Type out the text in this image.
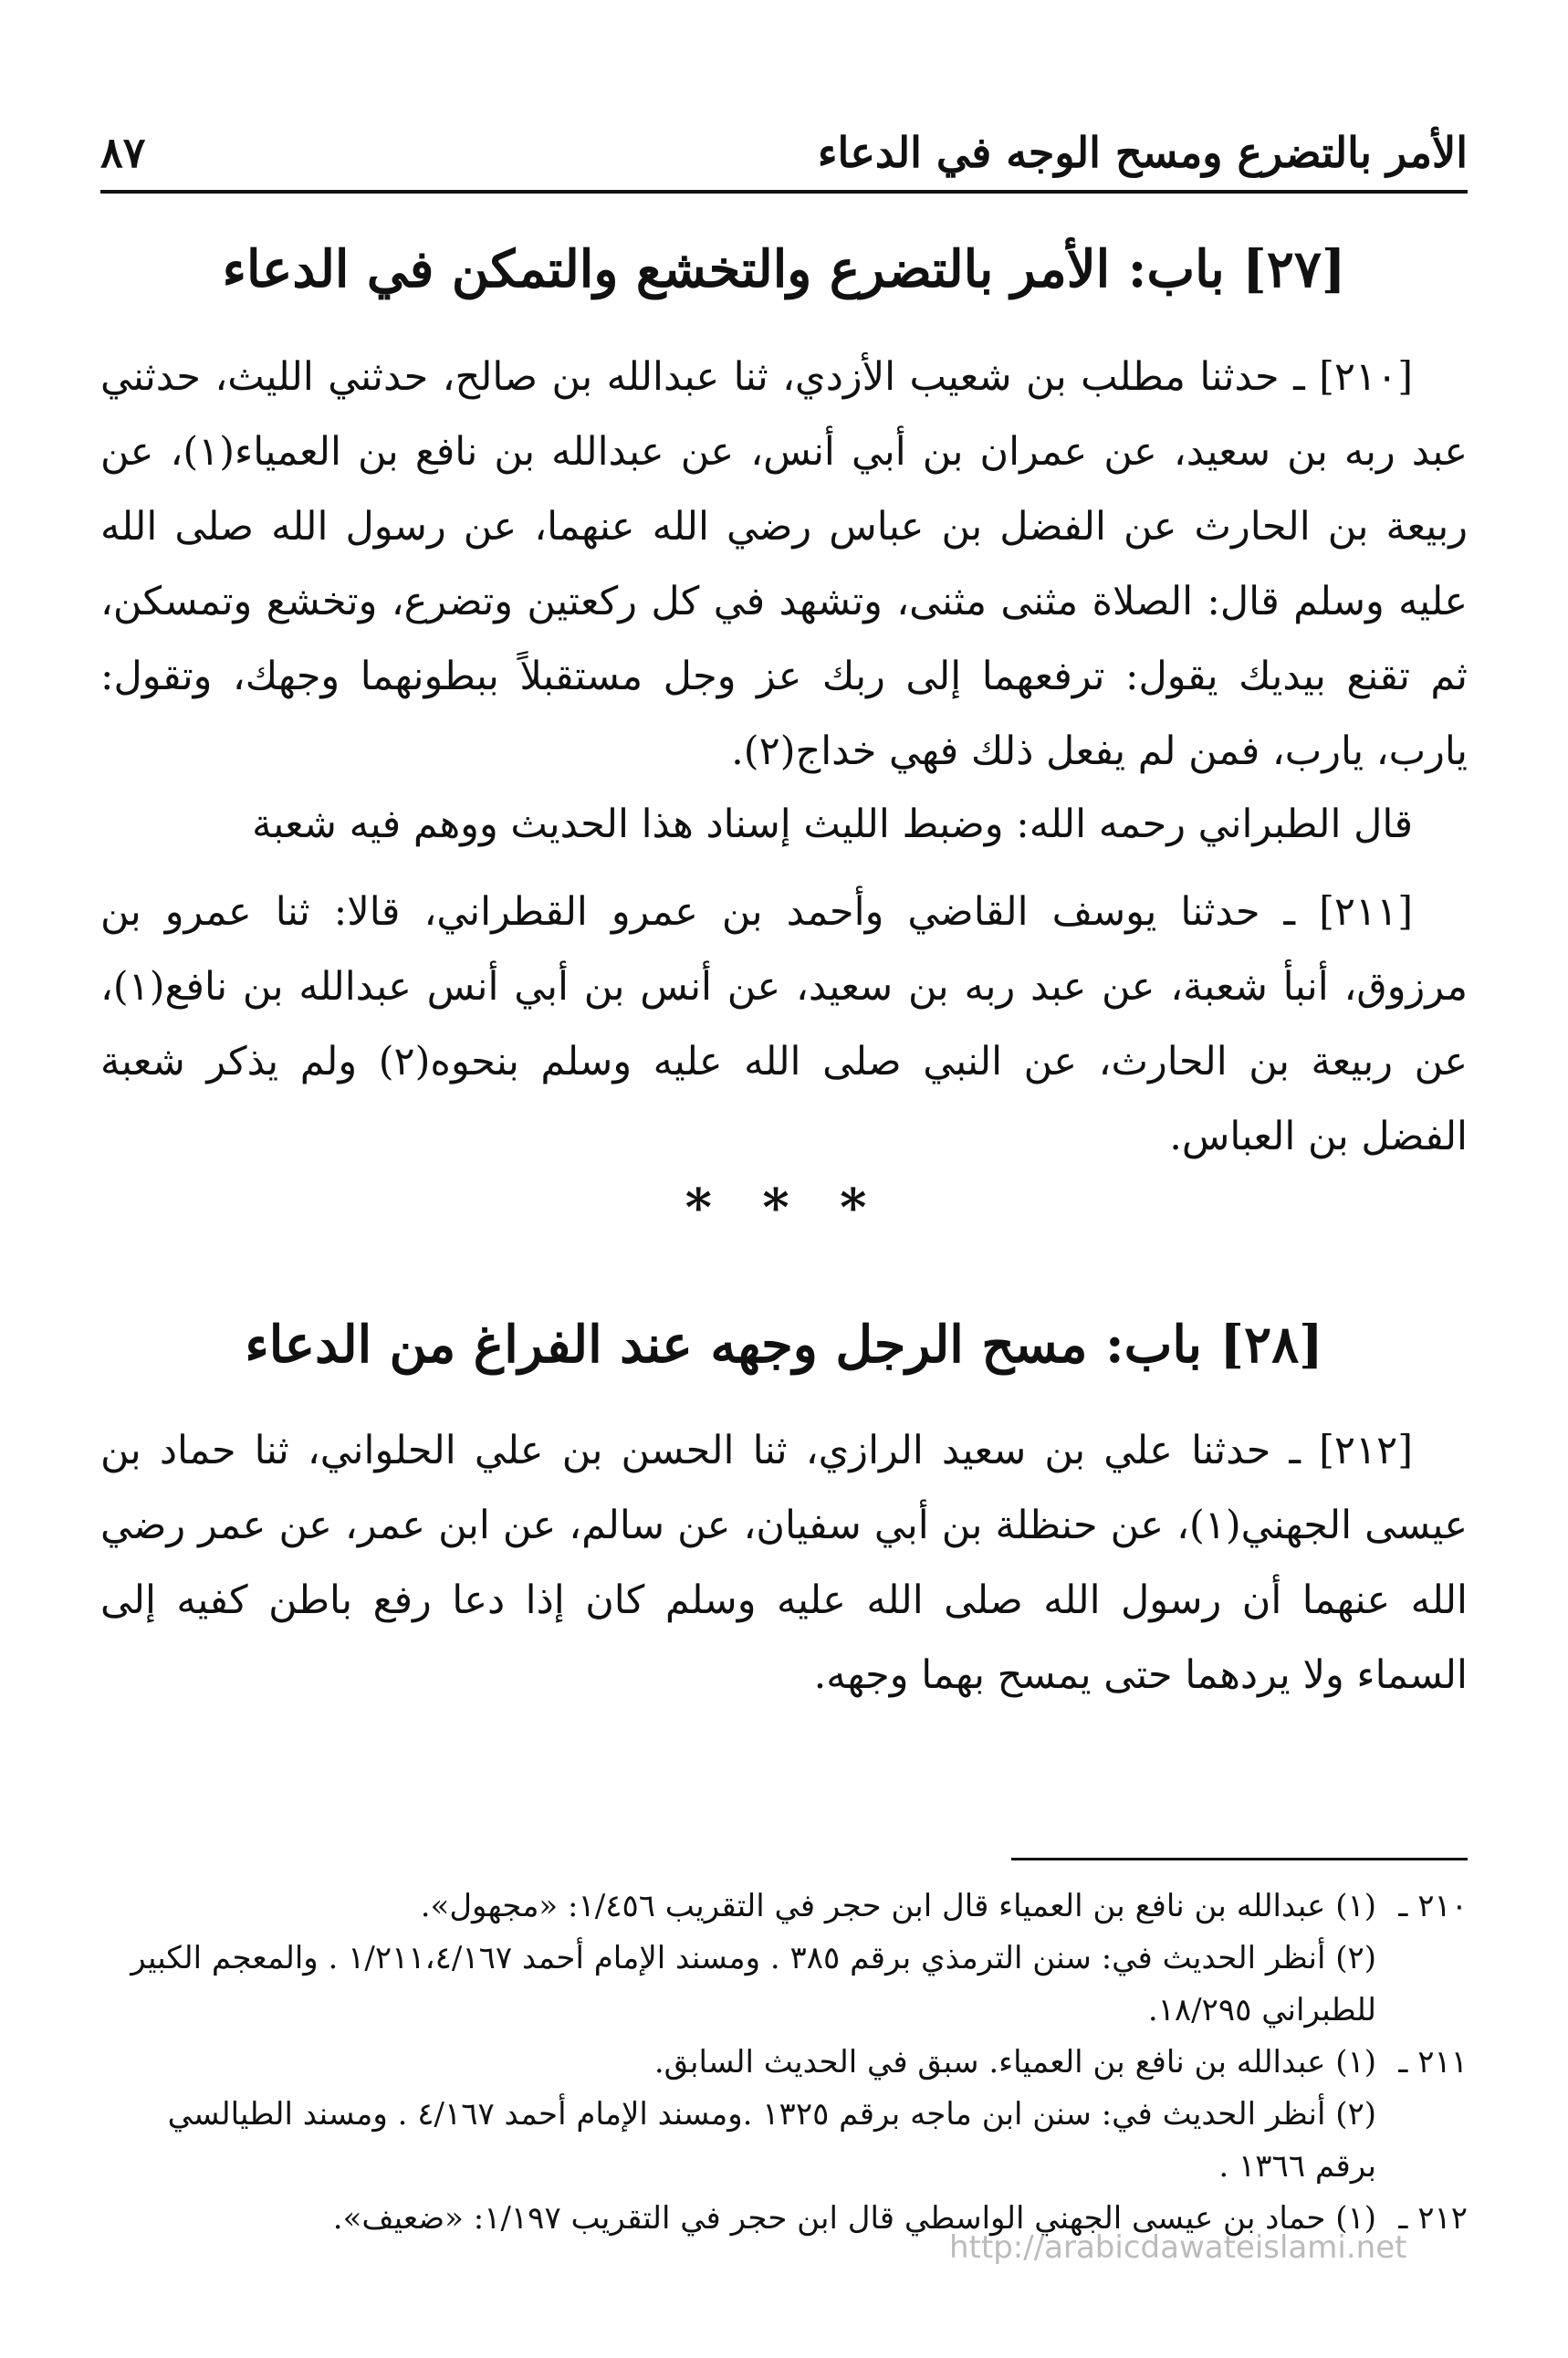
الأمر بالتضرع ومسح الوجه في الدعاء
٨٧
[٢٧] باب: الأمر بالتضرع والتخشع والتمكن في الدعاء

[٢١٠] ـ حدثنا مطلب بن شعيب الأزدي، ثنا عبدالله بن صالح، حدثني الليث، حدثني عبد ربه بن سعيد، عن عمران بن أبي أنس، عن عبدالله بن نافع بن العمياء(١)، عن ربيعة بن الحارث عن الفضل بن عباس رضي الله عنهما، عن رسول الله صلى الله عليه وسلم قال: الصلاة مثنى مثنى، وتشهد في كل ركعتين وتضرع، وتخشع وتمسكن، ثم تقنع بيديك يقول: ترفعهما إلى ربك عز وجل مستقبلاً ببطونهما وجهك، وتقول: يارب، يارب، فمن لم يفعل ذلك فهي خداج(٢).

قال الطبراني رحمه الله: وضبط الليث إسناد هذا الحديث ووهم فيه شعبة

[٢١١] ـ حدثنا يوسف القاضي وأحمد بن عمرو القطراني، قالا: ثنا عمرو بن مرزوق، أنبأ شعبة، عن عبد ربه بن سعيد، عن أنس بن أبي أنس عبدالله بن نافع(١)، عن ربيعة بن الحارث، عن النبي صلى الله عليه وسلم بنحوه(٢) ولم يذكر شعبة الفضل بن العباس.

* * *
[٢٨] باب: مسح الرجل وجهه عند الفراغ من الدعاء

[٢١٢] ـ حدثنا علي بن سعيد الرازي، ثنا الحسن بن علي الحلواني، ثنا حماد بن عيسى الجهني(١)، عن حنظلة بن أبي سفيان، عن سالم، عن ابن عمر، عن عمر رضي الله عنهما أن رسول الله صلى الله عليه وسلم كان إذا دعا رفع باطن كفيه إلى السماء ولا يردهما حتى يمسح بهما وجهه.

٢١٠ ـ(١) عبدالله بن نافع بن العمياء قال ابن حجر في التقريب ١/٤٥٦: «مجهول».

(٢) أنظر الحديث في: سنن الترمذي برقم ٣٨٥ . ومسند الإمام أحمد ١/٢١١،٤/١٦٧ . والمعجم الكبير للطبراني ١٨/٢٩٥.

٢١١ ـ(١) عبدالله بن نافع بن العمياء. سبق في الحديث السابق.

(٢) أنظر الحديث في: سنن ابن ماجه برقم ١٣٢٥ .ومسند الإمام أحمد ٤/١٦٧ . ومسند الطيالسي برقم ١٣٦٦ .

٢١٢ ـ(١) حماد بن عيسى الجهني الواسطي قال ابن حجر في التقريب ١/١٩٧: «ضعيف».

http://arabicdawateislami.net
